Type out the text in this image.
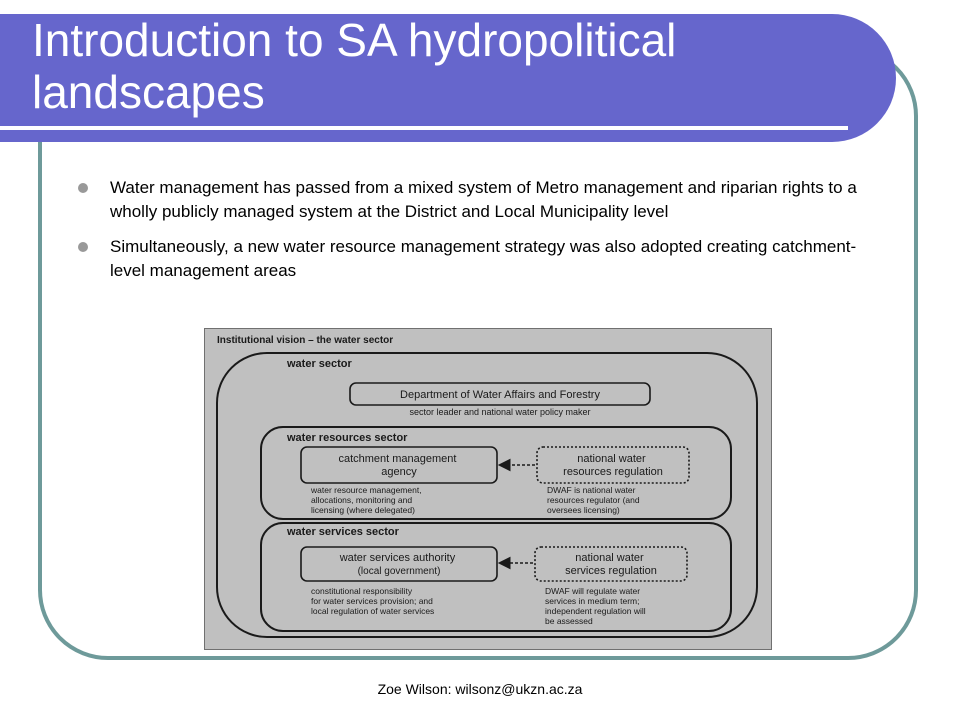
Introduction to SA hydropolitical landscapes
Water management has passed from a mixed system of Metro management and riparian rights to a wholly publicly managed system at the District and Local Municipality level
Simultaneously, a new water resource management strategy was also adopted creating catchment-level management areas
Institutional vision – the water sector
water sector
Department of Water Affairs and Forestry
sector leader and national water policy maker
water resources sector
catchment management agency
water resource management, allocations, monitoring and licensing (where delegated)
national water resources regulation
DWAF is national water resources regulator (and oversees licensing)
water services sector
water services authority (local government)
constitutional responsibility for water services provision; and local regulation of water services
national water services regulation
DWAF will regulate water services in medium term; independent regulation will be assessed
Zoe Wilson: wilsonz@ukzn.ac.za
